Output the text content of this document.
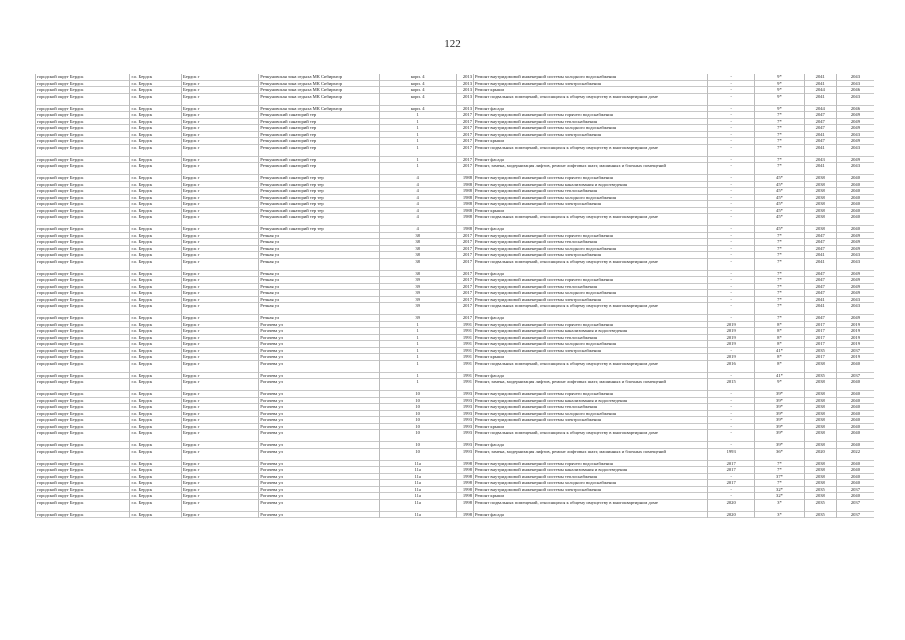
122
городской округ Бердск	г.о. Бердск	Бердск г	Речкуновская зона отдыха МК Сибирьтор	корп. 4	2013	Ремонт внутридомовой инженерной системы холодного водоснабжения	-	9*	2041	2043
городской округ Бердск	г.о. Бердск	Бердск г	Речкуновская зона отдыха МК Сибирьтор	корп. 4	2013	Ремонт внутридомовой инженерной системы электроснабжения	-	9*	2041	2043
городской округ Бердск	г.о. Бердск	Бердск г	Речкуновская зона отдыха МК Сибирьтор	корп. 4	2013	Ремонт крыши	-	9*	2044	2046
городской округ Бердск	г.о. Бердск	Бердск г	Речкуновская зона отдыха МК Сибирьтор	корп. 4	2013	Ремонт подвальных помещений, относящихся к общему имуществу в многоквартирном доме	-	9*	2041	2043
городской округ Бердск	г.о. Бердск	Бердск г	Речкуновская зона отдыха МК Сибирьтор	корп. 4	2013	Ремонт фасада	-	9*	2044	2046
городской округ Бердск	г.о. Бердск	Бердск г	Речкуновский санаторий тер	1	2017	Ремонт внутридомовой инженерной системы горячего водоснабжения	-	7*	2047	2049
городской округ Бердск	г.о. Бердск	Бердск г	Речкуновский санаторий тер	1	2017	Ремонт внутридомовой инженерной системы теплоснабжения	-	7*	2047	2049
городской округ Бердск	г.о. Бердск	Бердск г	Речкуновский санаторий тер	1	2017	Ремонт внутридомовой инженерной системы холодного водоснабжения	-	7*	2047	2049
городской округ Бердск	г.о. Бердск	Бердск г	Речкуновский санаторий тер	1	2017	Ремонт внутридомовой инженерной системы электроснабжения	-	7*	2041	2043
городской округ Бердск	г.о. Бердск	Бердск г	Речкуновский санаторий тер	1	2017	Ремонт крыши	-	7*	2047	2049
городской округ Бердск	г.о. Бердск	Бердск г	Речкуновский санаторий тер	1	2017	Ремонт подвальных помещений, относящихся к общему имуществу в многоквартирном доме	-	7*	2041	2043
городской округ Бердск	г.о. Бердск	Бердск г	Речкуновский санаторий тер	1	2017	Ремонт фасада	-	7*	2043	2049
городской округ Бердск	г.о. Бердск	Бердск г	Речкуновский санаторий тер	1	2017	Ремонт, замена, модернизация лифтов, ремонт лифтовых шахт, машинных и блочных помещений	-	7*	2041	2043
городской округ Бердск	г.о. Бердск	Бердск г	Речкуновский санаторий тер тер	4	1988	Ремонт внутридомовой инженерной системы горячего водоснабжения	-	45*	2038	2040
городской округ Бердск	г.о. Бердск	Бердск г	Речкуновский санаторий тер тер	4	1988	Ремонт внутридомовой инженерной системы канализования и водоотведения	-	45*	2038	2040
городской округ Бердск	г.о. Бердск	Бердск г	Речкуновский санаторий тер тер	4	1988	Ремонт внутридомовой инженерной системы теплоснабжения	-	45*	2038	2040
городской округ Бердск	г.о. Бердск	Бердск г	Речкуновский санаторий тер тер	4	1988	Ремонт внутридомовой инженерной системы холодного водоснабжения	-	45*	2038	2040
городской округ Бердск	г.о. Бердск	Бердск г	Речкуновский санаторий тер тер	4	1988	Ремонт внутридомовой инженерной системы электроснабжения	-	45*	2038	2040
городской округ Бердск	г.о. Бердск	Бердск г	Речкуновский санаторий тер тер	4	1988	Ремонт крыши	-	45*	2038	2040
городской округ Бердск	г.о. Бердск	Бердск г	Речкуновский санаторий тер тер	4	1988	Ремонт подвальных помещений, относящихся к общему имуществу в многоквартирном доме	-	45*	2038	2040
городской округ Бердск	г.о. Бердск	Бердск г	Речкуновский санаторий тер тер	4	1988	Ремонт фасада	-	45*	2038	2040
городской округ Бердск	г.о. Бердск	Бердск г	Речная ул	38	2017	Ремонт внутридомовой инженерной системы горячего водоснабжения	-	7*	2047	2049
городской округ Бердск	г.о. Бердск	Бердск г	Речная ул	38	2017	Ремонт внутридомовой инженерной системы теплоснабжения	-	7*	2047	2049
городской округ Бердск	г.о. Бердск	Бердск г	Речная ул	38	2017	Ремонт внутридомовой инженерной системы холодного водоснабжения	-	7*	2047	2049
городской округ Бердск	г.о. Бердск	Бердск г	Речная ул	38	2017	Ремонт внутридомовой инженерной системы электроснабжения	-	7*	2041	2043
городской округ Бердск	г.о. Бердск	Бердск г	Речная ул	38	2017	Ремонт подвальных помещений, относящихся к общему имуществу в многоквартирном доме	-	7*	2041	2043
городской округ Бердск	г.о. Бердск	Бердск г	Речная ул	38	2017	Ремонт фасада	-	7*	2047	2049
городской округ Бердск	г.о. Бердск	Бердск г	Речная ул	39	2017	Ремонт внутридомовой инженерной системы горячего водоснабжения	-	7*	2047	2049
городской округ Бердск	г.о. Бердск	Бердск г	Речная ул	39	2017	Ремонт внутридомовой инженерной системы теплоснабжения	-	7*	2047	2049
городской округ Бердск	г.о. Бердск	Бердск г	Речная ул	39	2017	Ремонт внутридомовой инженерной системы холодного водоснабжения	-	7*	2047	2049
городской округ Бердск	г.о. Бердск	Бердск г	Речная ул	39	2017	Ремонт внутридомовой инженерной системы электроснабжения	-	7*	2041	2043
городской округ Бердск	г.о. Бердск	Бердск г	Речная ул	39	2017	Ремонт подвальных помещений, относящихся к общему имуществу в многоквартирном доме	-	7*	2041	2043
городской округ Бердск	г.о. Бердск	Бердск г	Речная ул	39	2017	Ремонт фасада	-	7*	2047	2049
городской округ Бердск	г.о. Бердск	Бердск г	Рогачева ул	1	1991	Ремонт внутридомовой инженерной системы горячего водоснабжения	2019	8*	2017	2019
городской округ Бердск	г.о. Бердск	Бердск г	Рогачева ул	1	1991	Ремонт внутридомовой инженерной системы канализования и водоотведения	2019	8*	2017	2019
городской округ Бердск	г.о. Бердск	Бердск г	Рогачева ул	1	1991	Ремонт внутридомовой инженерной системы теплоснабжения	2019	8*	2017	2019
городской округ Бердск	г.о. Бердск	Бердск г	Рогачева ул	1	1991	Ремонт внутридомовой инженерной системы холодного водоснабжения	2019	8*	2017	2019
городской округ Бердск	г.о. Бердск	Бердск г	Рогачева ул	1	1991	Ремонт внутридомовой инженерной системы электроснабжения	-	41*	2035	2037
городской округ Бердск	г.о. Бердск	Бердск г	Рогачева ул	1	1991	Ремонт крыши	2019	8*	2017	2019
городской округ Бердск	г.о. Бердск	Бердск г	Рогачева ул	1	1991	Ремонт подвальных помещений, относящихся к общему имуществу в многоквартирном доме	2016	8*	2038	2040
городской округ Бердск	г.о. Бердск	Бердск г	Рогачева ул	1	1991	Ремонт фасада	-	41*	2035	2037
городской округ Бердск	г.о. Бердск	Бердск г	Рогачева ул	1	1991	Ремонт, замена, модернизация лифтов, ремонт лифтовых шахт, машинных и блочных помещений	2015	9*	2038	2040
городской округ Бердск	г.о. Бердск	Бердск г	Рогачева ул	10	1993	Ремонт внутридомовой инженерной системы горячего водоснабжения	-	39*	2038	2040
городской округ Бердск	г.о. Бердск	Бердск г	Рогачева ул	10	1993	Ремонт внутридомовой инженерной системы канализования и водоотведения	-	39*	2038	2040
городской округ Бердск	г.о. Бердск	Бердск г	Рогачева ул	10	1993	Ремонт внутридомовой инженерной системы теплоснабжения	-	39*	2038	2040
городской округ Бердск	г.о. Бердск	Бердск г	Рогачева ул	10	1993	Ремонт внутридомовой инженерной системы холодного водоснабжения	-	39*	2038	2040
городской округ Бердск	г.о. Бердск	Бердск г	Рогачева ул	10	1993	Ремонт внутридомовой инженерной системы электроснабжения	-	39*	2038	2040
городской округ Бердск	г.о. Бердск	Бердск г	Рогачева ул	10	1993	Ремонт крыши	-	39*	2038	2040
городской округ Бердск	г.о. Бердск	Бердск г	Рогачева ул	10	1993	Ремонт подвальных помещений, относящихся к общему имуществу в многоквартирном доме	-	39*	2038	2040
городской округ Бердск	г.о. Бердск	Бердск г	Рогачева ул	10	1993	Ремонт фасада	-	39*	2038	2040
городской округ Бердск	г.о. Бердск	Бердск г	Рогачева ул	10	1993	Ремонт, замена, модернизация лифтов, ремонт лифтовых шахт, машинных и блочных помещений	1993	36*	2020	2022
городской округ Бердск	г.о. Бердск	Бердск г	Рогачева ул	11а	1998	Ремонт внутридомовой инженерной системы горячего водоснабжения	2017	7*	2038	2040
городской округ Бердск	г.о. Бердск	Бердск г	Рогачева ул	11а	1998	Ремонт внутридомовой инженерной системы канализования и водоотведения	2017	7*	2038	2040
городской округ Бердск	г.о. Бердск	Бердск г	Рогачева ул	11а	1998	Ремонт внутридомовой инженерной системы теплоснабжения	-	37*	2038	2040
городской округ Бердск	г.о. Бердск	Бердск г	Рогачева ул	11а	1998	Ремонт внутридомовой инженерной системы холодного водоснабжения	2017	7*	2038	2040
городской округ Бердск	г.о. Бердск	Бердск г	Рогачева ул	11а	1998	Ремонт внутридомовой инженерной системы электроснабжения	-	32*	2035	2037
городской округ Бердск	г.о. Бердск	Бердск г	Рогачева ул	11а	1998	Ремонт крыши	-	32*	2038	2040
городской округ Бердск	г.о. Бердск	Бердск г	Рогачева ул	11а	1998	Ремонт подвальных помещений, относящихся к общему имуществу в многоквартирном доме	2020	3*	2035	2037
городской округ Бердск	г.о. Бердск	Бердск г	Рогачева ул	11а	1998	Ремонт фасада	2020	3*	2035	2037
